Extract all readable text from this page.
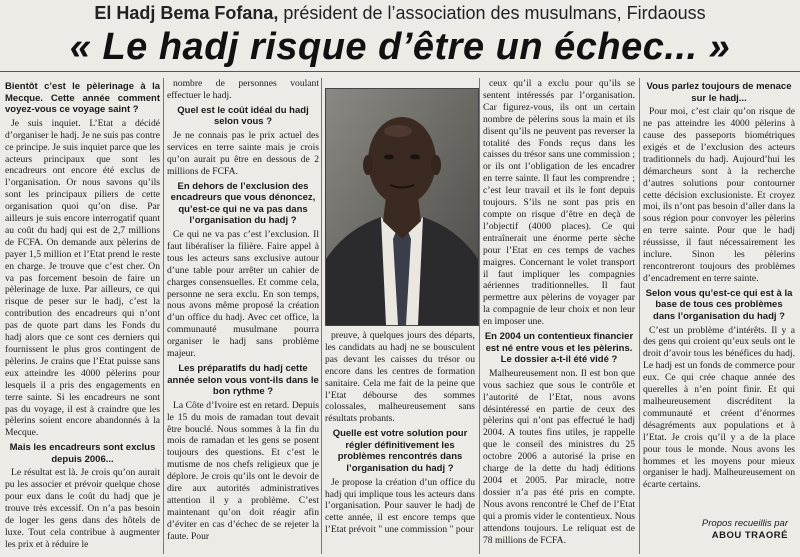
El Hadj Bema Fofana, président de l’association des musulmans, Firdaouss
« Le hadj risque d’être un échec... »

Bientôt c’est le pèlerinage à la Mecque. Cette année comment voyez-vous ce voyage saint ?

Je suis inquiet. L’Etat a décidé d’organiser le hadj. Je ne suis pas contre ce principe. Je suis inquiet parce que les acteurs principaux que sont les encadreurs ont encore été exclus de l’organisation. Or nous savons qu’ils sont les principaux piliers de cette organisation quoi qu’on dise. Par ailleurs je suis encore interrogatif quant au coût du hadj qui est de 2,7 millions de FCFA. On demande aux pèlerins de payer 1,5 million et l’Etat prend le reste en charge. Je trouve que c’est cher. On va pas forcement besoin de faire un pèlerinage de luxe. Par ailleurs, ce qui risque de peser sur le hadj, c’est la contribution des encadreurs qui n’ont pas de quote part dans les Fonds du hadj alors que ce sont ces derniers qui fournissent le plus gros contingent de pèlerins. Je crains que l’Etat puisse sans eux atteindre les 4000 pèlerins pour lesquels il a pris des engagements en terre sainte. Si les encadreurs ne sont pas du voyage, il est à craindre que les pèlerins soient encore abandonnés à la Mecque.

Mais les encadreurs sont exclus depuis 2006...

Le résultat est là. Je crois qu’on aurait pu les associer et prévoir quelque chose pour eux dans le coût du hadj que je trouve très excessif. On n’a pas besoin de loger les gens dans des hôtels de luxe. Tout cela contribue à augmenter les prix et à réduire le

nombre de personnes voulant effectuer le hadj.

Quel est le coût idéal du hadj selon vous ?

Je ne connais pas le prix actuel des services en terre sainte mais je crois qu’on aurait pu être en dessous de 2 millions de FCFA.

En dehors de l’exclusion des encadreurs que vous dénoncez, qu’est-ce qui ne va pas dans l’organisation du hadj ?

Ce qui ne va pas c’est l’exclusion. Il faut libéraliser la filière. Faire appel à tous les acteurs sans exclusive autour d’une table pour arrêter un cahier de charges consensuelles. Et comme cela, personne ne sera exclu. En son temps, nous avons même proposé la création d’un office du hadj. Avec cet office, la communauté musulmane pourra organiser le hadj sans problème majeur.

Les préparatifs du hadj cette année selon vous vont-ils dans le bon rythme ?

La Côte d’Ivoire est en retard. Depuis le 15 du mois de ramadan tout devait être bouclé. Nous sommes à la fin du mois de ramadan et les gens se posent toujours des questions. Et c’est le mutisme de nos chefs religieux que je déplore. Je crois qu’ils ont le devoir de dire aux autorités administratives attention il y a problème. C’est maintenant qu’on doit réagir afin d’éviter en cas d’échec de se rejeter la faute. Pour

preuve, à quelques jours des départs, les candidats au hadj ne se bousculent pas devant les caisses du trésor ou encore dans les centres de formation sanitaire. Cela me fait de la peine que l’Etat débourse des sommes colossales, malheureusement sans résultats probants.

Quelle est votre solution pour régler définitivement les problèmes rencontrés dans l’organisation du hadj ?

Je propose la création d’un office du hadj qui implique tous les acteurs dans l’organisation. Pour sauver le hadj de cette année, il est encore temps que l’Etat prévoit " une commission " pour

ceux qu’il a exclu pour qu’ils se sentent intéressés par l’organisation. Car figurez-vous, ils ont un certain nombre de pèlerins sous la main et ils disent qu’ils ne peuvent pas reverser la totalité des Fonds reçus dans les caisses du trésor sans une commission ; or ils ont l’obligation de les encadrer en terre sainte. Il faut les comprendre ; c’est leur travail et ils le font depuis toujours. S’ils ne sont pas pris en compte on risque d’être en deçà de l’objectif (4000 places). Ce qui entraînerait une énorme perte sèche pour l’Etat en ces temps de vaches maigres. Concernant le volet transport il faut impliquer les compagnies aériennes traditionnelles. Il faut permettre aux pèlerins de voyager par la compagnie de leur choix et non leur en imposer une.

En 2004 un contentieux financier est né entre vous et les pèlerins. Le dossier a-t-il été vidé ?

Malheureusement non. Il est bon que vous sachiez que sous le contrôle et l’autorité de l’Etat, nous avons désintéressé en partie de ceux des pèlerins qui n’ont pas effectué le hadj 2004. A toutes fins utiles, je rappelle que le conseil des ministres du 25 octobre 2006 a autorisé la prise en charge de la dette du hadj éditions 2004 et 2005. Par miracle, notre dossier n’a pas été pris en compte. Nous avons rencontré le Chef de l’Etat qui a promis vider le contentieux. Nous attendons toujours. Le reliquat est de 78 millions de FCFA.

Vous parlez toujours de menace sur le hadj...

Pour moi, c’est clair qu’on risque de ne pas atteindre les 4000 pèlerins à cause des passeports biométriques exigés et de l’exclusion des acteurs traditionnels du hadj. Aujourd’hui les démarcheurs sont à la recherche d’autres solutions pour contourner cette décision exclusioniste. Et croyez moi, ils n’ont pas besoin d’aller dans la sous région pour convoyer les pèlerins en terre sainte. Pour que le hadj réussisse, il faut nécessairement les inclure. Sinon les pèlerins rencontreront toujours des problèmes d’encadrement en terre sainte.

Selon vous qu’est-ce qui est à la base de tous ces problèmes dans l’organisation du hadj ?

C’est un problème d’intérêts. Il y a des gens qui croient qu’eux seuls ont le droit d’avoir tous les bénéfices du hadj. Le hadj est un fonds de commerce pour eux. Ce qui crée chaque année des querelles à n’en point finir. Et qui malheureusement discréditent la communauté et créent d’énormes désagréments aux populations et à l’Etat. Je crois qu’il y a de la place pour tous le monde. Nous avons les hommes et les moyens pour mieux organiser le hadj. Malheureusement on écarte certains.

Propos recueillis par
ABOU TRAORÉ
